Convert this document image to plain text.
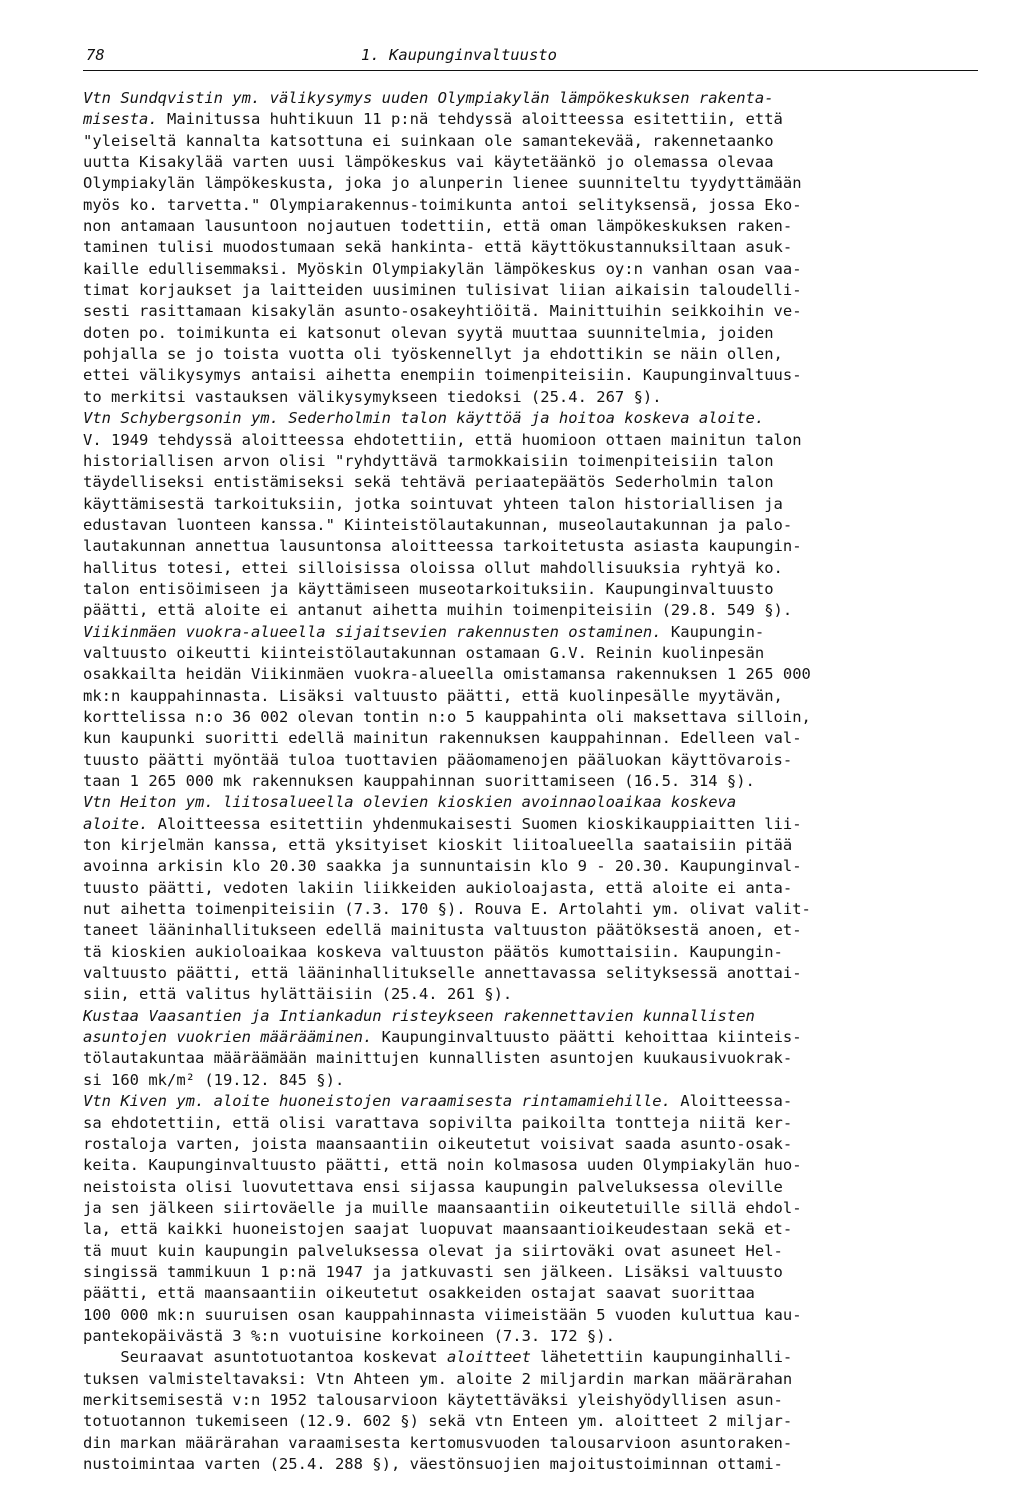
78	1. Kaupunginvaltuusto
Vtn Sundqvistin ym. välikysymys uuden Olympiakylän lämpökeskuksen rakenta-
misesta. Mainitussa huhtikuun 11 p:nä tehdyssä aloitteessa esitettiin, että
"yleiseltä kannalta katsottuna ei suinkaan ole samantekevää, rakennetaanko
uutta Kisakylää varten uusi lämpökeskus vai käytetäänkö jo olemassa olevaa
Olympiakylän lämpökeskusta, joka jo alunperin lienee suunniteltu tyydyttämään
myös ko. tarvetta." Olympiarakennus-toimikunta antoi selityksensä, jossa Eko-
non antamaan lausuntoon nojautuen todettiin, että oman lämpökeskuksen raken-
taminen tulisi muodostumaan sekä hankinta- että käyttökustannuksiltaan asuk-
kaille edullisemmaksi. Myöskin Olympiakylän lämpökeskus oy:n vanhan osan vaa-
timat korjaukset ja laitteiden uusiminen tulisivat liian aikaisin taloudelli-
sesti rasittamaan kisakylän asunto-osakeyhtiöitä. Mainittuihin seikkoihin ve-
doten po. toimikunta ei katsonut olevan syytä muuttaa suunnitelmia, joiden
pohjalla se jo toista vuotta oli työskennellyt ja ehdottikin se näin ollen,
ettei välikysymys antaisi aihetta enempiin toimenpiteisiin. Kaupunginvaltuus-
to merkitsi vastauksen välikysymykseen tiedoksi (25.4. 267 §).
Vtn Schybergsonin ym. Sederholmin talon käyttöä ja hoitoa koskeva aloite.
V. 1949 tehdyssä aloitteessa ehdotettiin, että huomioon ottaen mainitun talon
historiallisen arvon olisi "ryhdyttävä tarmokkaisiin toimenpiteisiin talon
täydelliseksi entistämiseksi sekä tehtävä periaatepäätös Sederholmin talon
käyttämisestä tarkoituksiin, jotka sointuvat yhteen talon historiallisen ja
edustavan luonteen kanssa." Kiinteistölautakunnan, museolautakunnan ja palo-
lautakunnan annettua lausuntonsa aloitteessa tarkoitetusta asiasta kaupungin-
hallitus totesi, ettei silloisissa oloissa ollut mahdollisuuksia ryhtyä ko.
talon entisöimiseen ja käyttämiseen museotarkoituksiin. Kaupunginvaltuusto
päätti, että aloite ei antanut aihetta muihin toimenpiteisiin (29.8. 549 §).
Viikinmäen vuokra-alueella sijaitsevien rakennusten ostaminen. Kaupungin-
valtuusto oikeutti kiinteistölautakunnan ostamaan G.V. Reinin kuolinpesän
osakkailta heidän Viikinmäen vuokra-alueella omistamansa rakennuksen 1 265 000
mk:n kauppahinnasta. Lisäksi valtuusto päätti, että kuolinpesälle myytävän,
korttelissa n:o 36 002 olevan tontin n:o 5 kauppahinta oli maksettava silloin,
kun kaupunki suoritti edellä mainitun rakennuksen kauppahinnan. Edelleen val-
tuusto päätti myöntää tuloa tuottavien pääomamenojen pääluokan käyttövarois-
taan 1 265 000 mk rakennuksen kauppahinnan suorittamiseen (16.5. 314 §).
Vtn Heiton ym. liitosalueella olevien kioskien avoinnaoloaikaa koskeva
aloite. Aloitteessa esitettiin yhdenmukaisesti Suomen kioskikauppiaitten lii-
ton kirjelmän kanssa, että yksityiset kioskit liitoalueella saataisiin pitää
avoinna arkisin klo 20.30 saakka ja sunnuntaisin klo 9 - 20.30. Kaupunginval-
tuusto päätti, vedoten lakiin liikkeiden aukioloajasta, että aloite ei anta-
nut aihetta toimenpiteisiin (7.3. 170 §). Rouva E. Artolahti ym. olivat valit-
taneet lääninhallitukseen edellä mainitusta valtuuston päätöksestä anoen, et-
tä kioskien aukioloaikaa koskeva valtuuston päätös kumottaisiin. Kaupungin-
valtuusto päätti, että lääninhallitukselle annettavassa selityksessä anottai-
siin, että valitus hylättäisiin (25.4. 261 §).
Kustaa Vaasantien ja Intiankadun risteykseen rakennettavien kunnallisten
asuntojen vuokrien määrääminen. Kaupunginvaltuusto päätti kehoittaa kiinteis-
tölautakuntaa määräämään mainittujen kunnallisten asuntojen kuukausivuokrak-
si 160 mk/m² (19.12. 845 §).
Vtn Kiven ym. aloite huoneistojen varaamisesta rintamamiehille. Aloitteessa-
sa ehdotettiin, että olisi varattava sopivilta paikoilta tontteja niitä ker-
rostaloja varten, joista maansaantiin oikeutetut voisivat saada asunto-osak-
keita. Kaupunginvaltuusto päätti, että noin kolmasosa uuden Olympiakylän huo-
neistoista olisi luovutettava ensi sijassa kaupungin palveluksessa oleville
ja sen jälkeen siirtoväelle ja muille maansaantiin oikeutetuille sillä ehdol-
la, että kaikki huoneistojen saajat luopuvat maansaantioikeudestaan sekä et-
tä muut kuin kaupungin palveluksessa olevat ja siirtoväki ovat asuneet Hel-
singissä tammikuun 1 p:nä 1947 ja jatkuvasti sen jälkeen. Lisäksi valtuusto
päätti, että maansaantiin oikeutetut osakkeiden ostajat saavat suorittaa
100 000 mk:n suuruisen osan kauppahinnasta viimeistään 5 vuoden kuluttua kau-
pantekopäivästä 3 %:n vuotuisine korkoineen (7.3. 172 §).
Seuraavat asuntotuotantoa koskevat aloitteet lähetettiin kaupunginhalli-
tuksen valmisteltavaksi: Vtn Ahteen ym. aloite 2 miljardin markan määrärahan
merkitsemisestä v:n 1952 talousarvioon käytettäväksi yleishyödyllisen asun-
totuotannon tukemiseen (12.9. 602 §) sekä vtn Enteen ym. aloitteet 2 miljar-
din markan määrärahan varaamisesta kertomusvuoden talousarvioon asuntoraken-
nustoimintaa varten (25.4. 288 §), väestönsuojien majoitustoiminnan ottami-
